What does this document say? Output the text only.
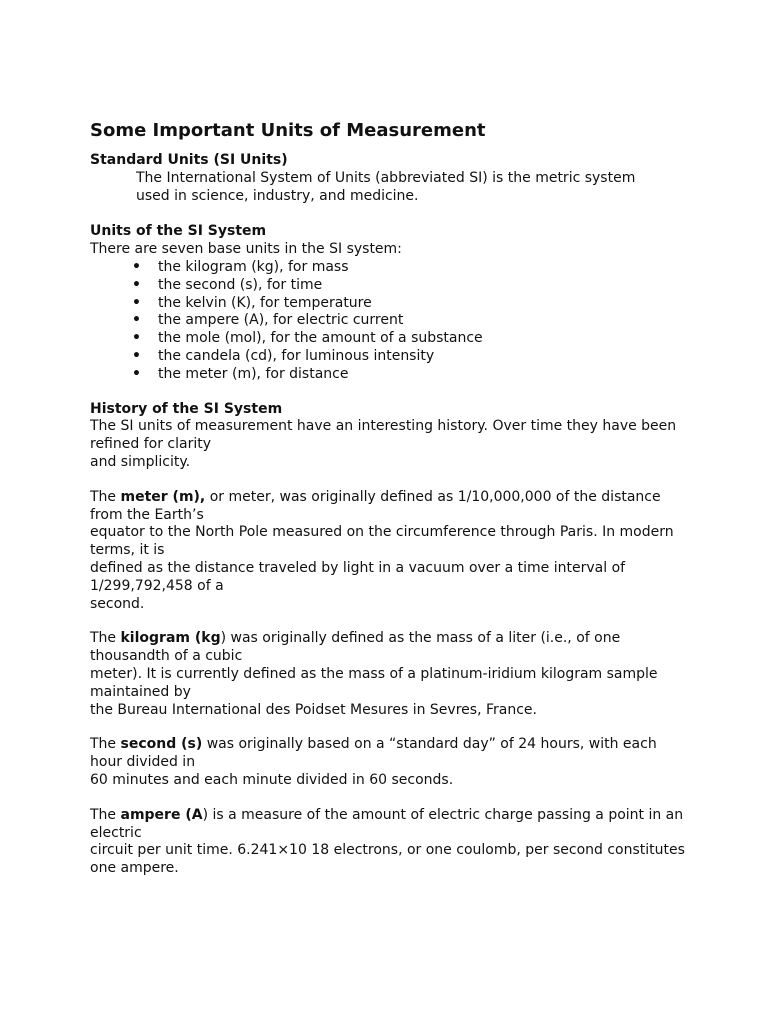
Some Important Units of Measurement

Standard Units (SI Units)

The International System of Units (abbreviated SI) is the metric system used in science, industry, and medicine.

Units of the SI System

There are seven base units in the SI system:

• the kilogram (kg), for mass
• the second (s), for time
• the kelvin (K), for temperature
• the ampere (A), for electric current
• the mole (mol), for the amount of a substance
• the candela (cd), for luminous intensity
• the meter (m), for distance

History of the SI System

The SI units of measurement have an interesting history. Over time they have been refined for clarity
and simplicity.

The meter (m), or meter, was originally defined as 1/10,000,000 of the distance from the Earth’s
equator to the North Pole measured on the circumference through Paris. In modern terms, it is
defined as the distance traveled by light in a vacuum over a time interval of 1/299,792,458 of a
second.

The kilogram (kg) was originally defined as the mass of a liter (i.e., of one thousandth of a cubic
meter). It is currently defined as the mass of a platinum-iridium kilogram sample maintained by
the Bureau International des Poidset Mesures in Sevres, France.

The second (s) was originally based on a “standard day” of 24 hours, with each hour divided in
60 minutes and each minute divided in 60 seconds.

The ampere (A) is a measure of the amount of electric charge passing a point in an electric
circuit per unit time. 6.241×10 18 electrons, or one coulomb, per second constitutes one ampere.
